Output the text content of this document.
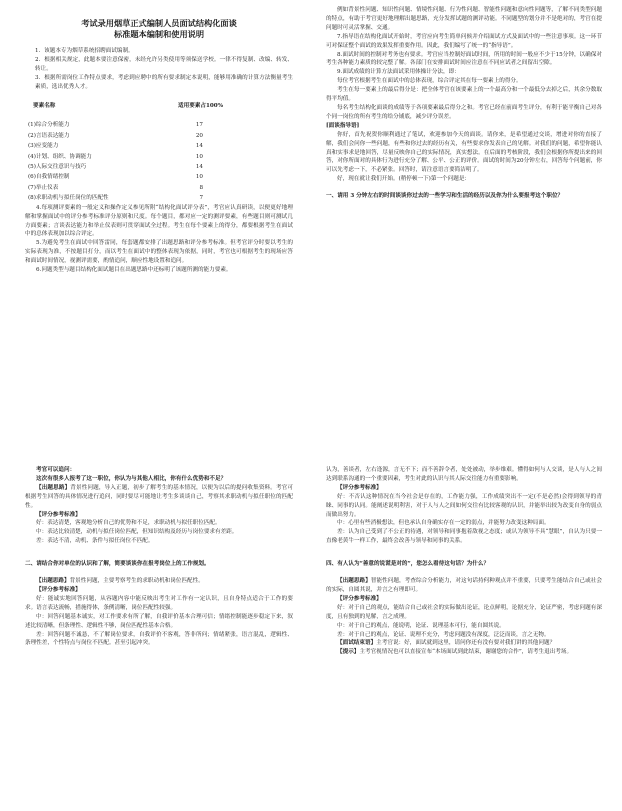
考试录用烟草正式编制人员面试结构化面谈
标准题本编制和使用说明

1．该题本专为烟草系统招聘面试编制。

2．根据相关规定，此题本要注意保密，未经允许另类使用等须保送学校。一律不得复制、改编、转发、转让。

3．根据所需岗位工作特点要求，考虑到应聘中的所有要求制定本说明，能够用准确的计算方法衡量考生素质，选出优秀人才。

要素名称	适用要素占100%
(1)综合分析能力	17
(2)言语表达能力	20
(3)应变能力	14
(4)计划、组织、协调能力	10
(5)人际交往意识与技巧	14
(6)自我情绪控制	10
(7)举止仪表	8
(8)求职动机与拟任岗位的匹配性	7

4.每项测评要素的一般定义和操作定义参见所附“结构化面试评分表”，考官应认真研读，以便更好地理解和掌握面试中的评分参考标准评分原则和尺度。每个题目，都对应一定的测评要素，有些题目则可测试几方面要素；言谈表达能力和举止仪表则可贯穿面试全过程。考生在每个要素上的得分，都要根据考生在面试中的总体表现加以综合评定。

5.为避免考生在面试中回答雷同，每套题都安排了出题思路和评分参考标准。但考官评分时要以考生的实际表现为准，不按题目打分，而以考生在面试中的整体表现为依据，同时，考官也可根据考生的现场应答和面试时间情况，视测评需要，酌情追问，顺应性地设置和追问。

6.问题类型与题目结构化面试题目在出题思路中还标明了该题所测的能力要素。

例如背景性问题、知识性问题、情境性问题、行为性问题、智能性问题和意向性问题等，了解不同类型问题的特点，有助于考官更好地理解出题思路，充分发挥试题的测评功能。不同题型的划分并不是绝对的，考官在提问题时可灵活掌握、交通。

7.指导语在结构化面试开始时，考官应向考生简单问候并介绍面试方式及面试中的一些注意事项。这一环节可对保证整个面试的效果发挥重要作用。因此，我们编写了统一的“指导语”。

8.面试时间的控制对考务也有要求。考官应当控制好面试时间，所用的时间一般应不少于15分钟，以确保对考生各种能力素质的较完整了解。各部门在安排面试时间应注意在不同应试者之间留出空隙。

9.面试成绩的计算方法面试采用体操计分法，即：

每位考官根据考生在面试中的总体表现，综合评定其在每一要素上的得分。

考生在每一要素上的最后得分是：把全体考官在该要素上的一个最高分和一个最低分去掉之后，其余分数取得平均值。

每名考生结构化面谈的成绩等于各项要素最后得分之和。考官已经在前面考生评分，有利于能平衡自己对各个同一岗位的所有考生的给分铺底，减少评分误差。

[面谈指导语]

你好，首先祝贺你顺利通过了笔试，欢迎参加今天的面谈。请你来，是希望通过交谈，增进对你的直接了解，我们会问你一些问题，有些和你过去的经历有关，有些要求你发表自己的见解。对我们的问题，希望你能认真和实事求是地回答，尽量反映你自己的实际情况，真实想法。在后面的考核阶段，我们会根据你所提出来的回答，对你所面对的具体行为进行充分了解、公平、公正的评价。面试的时间为20分钟左右，回答每个问题前，你可以先考虑一下，不必紧张。回答时，请注意语言要简洁明了。

好，现在就让我们开始。(稍停顿一下)第一个问题是：

一、请用 3 分钟左右的时间谈谈你过去的一些学习和生活的经历以及你为什么要报考这个职位？

考官可以追问：

这次有很多人报考了这一职位，你认为与其他人相比，你有什么优势和不足？

【出题思路】背景性问题，导入正题，初步了解考生的基本情况，以便为以后的提问收集资料。考官可根据考生回答的具体情况进行追问，同时要尽可能地让考生多谈谈自己，考察其求职动机与拟任职位的匹配性。

【评分参考标准】

好：表达清楚，客观地分析自己的优势和不足，求职动机与拟任职位匹配。

中：表达比较清楚，动机与拟任岗位匹配，但知识结构及经历与岗位要求有差距。

差：表达不清，动机、条件与拟任岗位不匹配。

二、请结合你对单位的认识和了解，简要谈谈你在报考岗位上的工作规划。

【出题思路】背景性问题，主要考察考生的求职动机和岗位匹配性。

【评分参考标准】

好：能诚实地回答问题，从容题内容中能反映出考生对工作有一定认识，且自身特点适合于工作的要求。语言表达流畅，措施得体，条例清晰，岗位匹配性较强。

中：回答问题基本诚实，对工作要求有所了解，自我评价基本合理可信；情绪控制能逐步稳定下来，叙述比较清晰，但条理性、逻辑性不够，岗位匹配性基本合格。

差：回答问题不诚恳，不了解岗位要求，自我评价不客观，答非所问；情绪紧张，语言混乱，逻辑性、条理性差，个性特点与岗位不匹配。甚至引起冲突。

认为，善谈者，左右逢源，言无不下；而不善辞令者，处处被动，举步维艰。懂得如何与人交谈，是人与人之间达到联系沟通的一个重要因素，考生对此的认识与其人际交往能力有重要影响。

【评分参考标准】

好：不否认这种情况在当今社会是存在的，工作能力强，工作成绩突出不一定(不是必然)会得到领导的青睐、同事的认同。能阐述说明利害，对于人与人之间如何交往有比较客观的认识，并能举出较为改变自身的弱点而做出努力。

中：心里有些消极想法，但也承认自身确实存在一定的弱点，并能努力改变这种局面。

差：认为自己受到了不公正的待遇，对领导和同事抱着敌视之态度；或认为领导不具“慧眼”，自认为只要一直像老黄牛一样工作，最终会改善与领导和同事的关系。

四、有人认为“善意的说谎是对的”，您怎么看待这句话？为什么？

【出题思路】智能性问题，考查综合分析能力，对这句话持何种观点并不重要，只要考生能结合自己或社会的实际，自圆其说，并言之有理即可。

【评分参考标准】

好：对于自己的观点，能结合自己或社会的实际做出论证，论点鲜明，论据充分，论证严密，考虑问题有深度，且有独到的见解，言之成理。

中：对于自己的观点，能说明，论证、说理基本可行，能自圆其说。

差：对于自己的观点，论证、说理不充分，考虑问题没有深度，泛泛而谈，言之无物。

【面试结束语】主考官说：好，面试就到这里，请问你还有没有要对我们讲的其他问题？

【提示】主考官视情况也可以直接宣布“本场面试到此结束，谢谢您的合作”，请考生退出考场。
